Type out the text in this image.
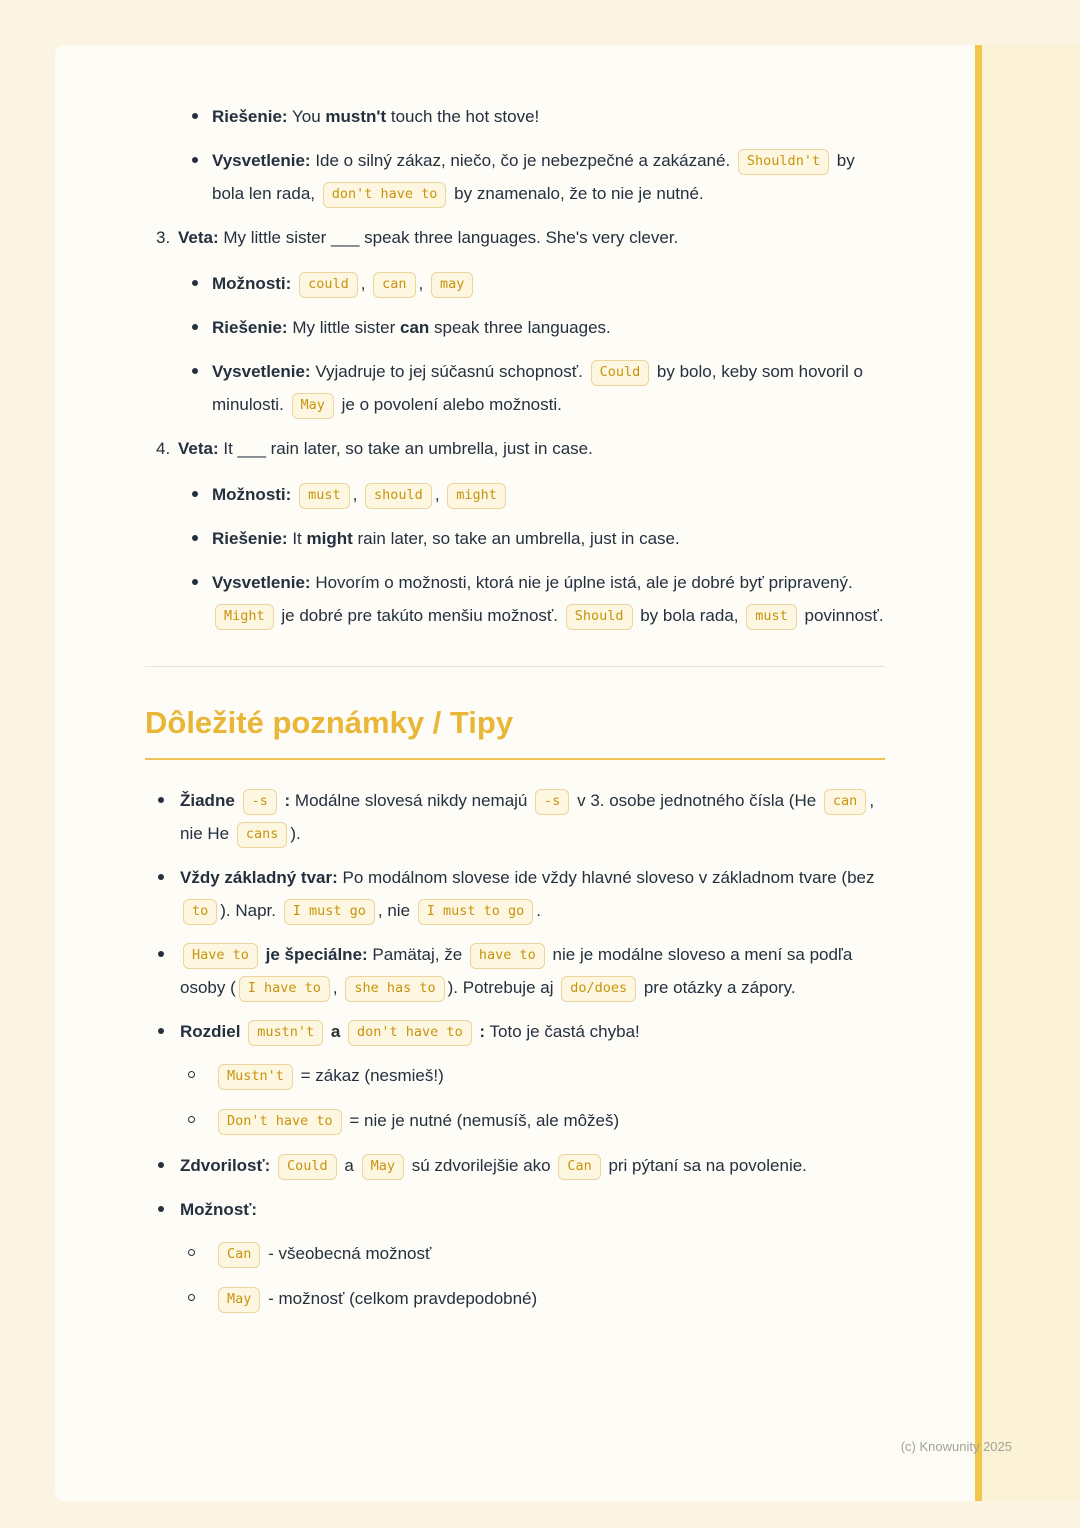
Riešenie: You mustn't touch the hot stove!
Vysvetlenie: Ide o silný zákaz, niečo, čo je nebezpečné a zakázané. Shouldn't by bola len rada, don't have to by znamenalo, že to nie je nutné.
3. Veta: My little sister ___ speak three languages. She's very clever.
Možnosti: could , can , may
Riešenie: My little sister can speak three languages.
Vysvetlenie: Vyjadruje to jej súčasnú schopnosť. Could by bolo, keby som hovoril o minulosti. May je o povolení alebo možnosti.
4. Veta: It ___ rain later, so take an umbrella, just in case.
Možnosti: must , should , might
Riešenie: It might rain later, so take an umbrella, just in case.
Vysvetlenie: Hovorím o možnosti, ktorá nie je úplne istá, ale je dobré byť pripravený. Might je dobré pre takúto menšiu možnosť. Should by bola rada, must povinnosť.
Dôležité poznámky / Tipy
Žiadne -s : Modálne slovesá nikdy nemajú -s v 3. osobe jednotného čísla (He can , nie He cans ).
Vždy základný tvar: Po modálnom slovese ide vždy hlavné sloveso v základnom tvare (bez to ). Napr. I must go , nie I must to go .
Have to je špeciálne: Pamätaj, že have to nie je modálne sloveso a mení sa podľa osoby ( I have to , she has to ). Potrebuje aj do/does pre otázky a zápory.
Rozdiel mustn't a don't have to : Toto je častá chyba!
Mustn't = zákaz (nesmieš!)
Don't have to = nie je nutné (nemusíš, ale môžeš)
Zdvorilosť: Could a May sú zdvorilejšie ako Can pri pýtaní sa na povolenie.
Možnosť:
Can - všeobecná možnosť
May - možnosť (celkom pravdepodobné)
(c) Knowunity 2025
